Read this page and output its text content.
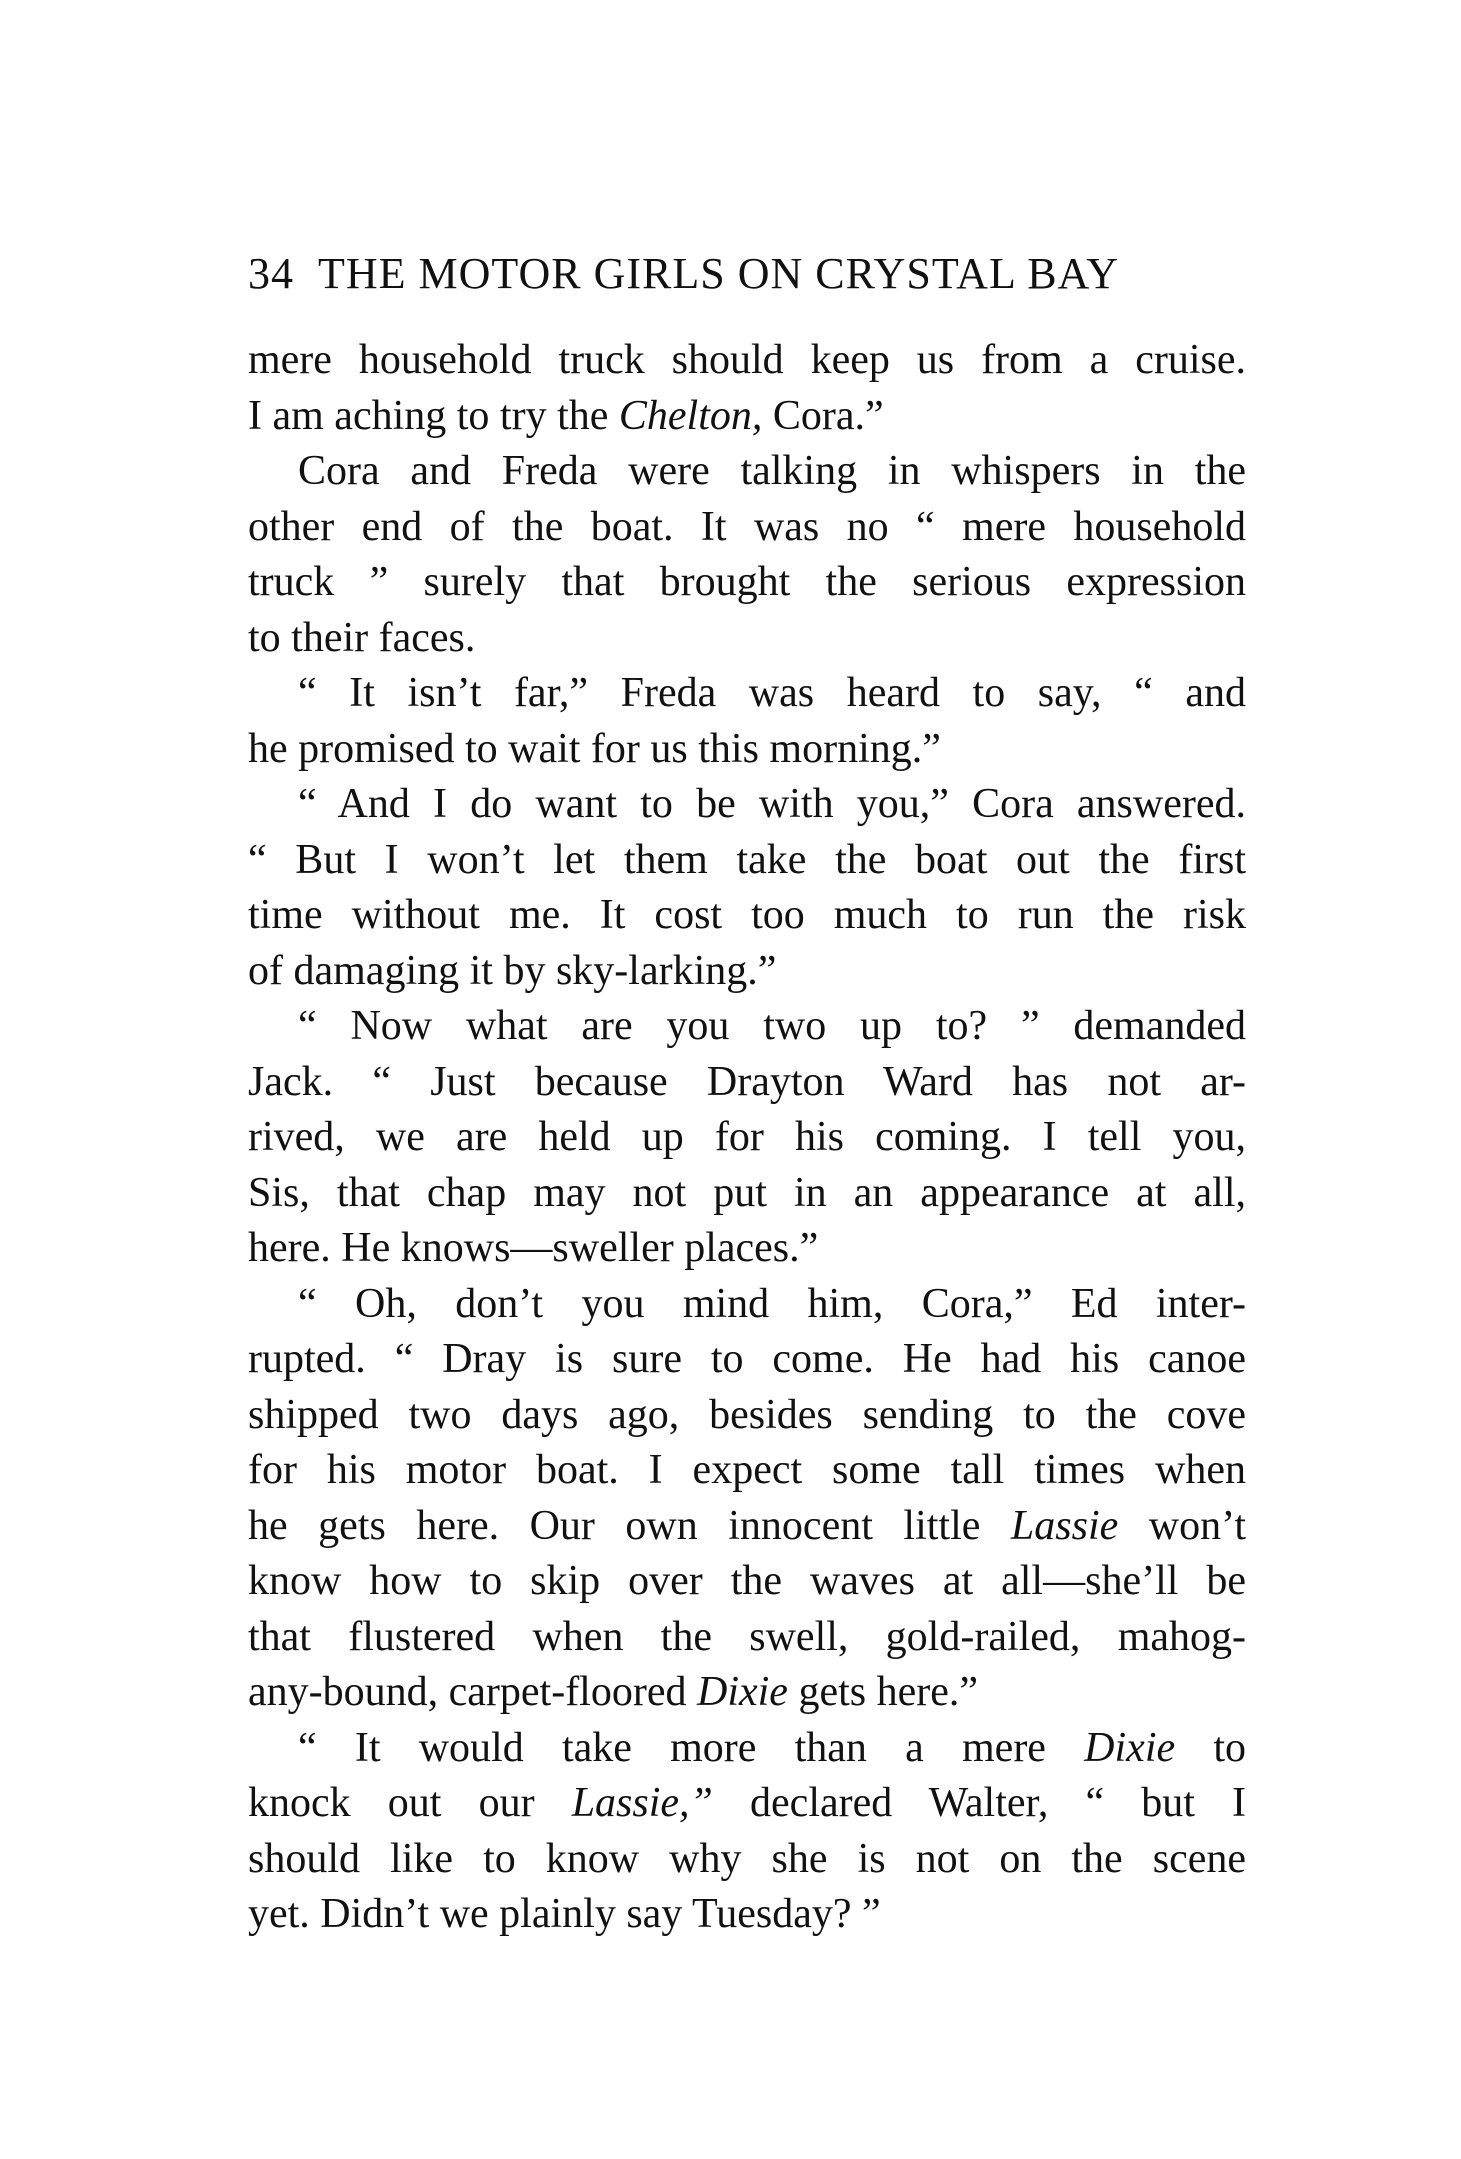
34 THE MOTOR GIRLS ON CRYSTAL BAY
mere household truck should keep us from a cruise.
I am aching to try the Chelton, Cora.”
Cora and Freda were talking in whispers in the
other end of the boat. It was no “ mere household
truck ” surely that brought the serious expression
to their faces.
“ It isn’t far,” Freda was heard to say, “ and
he promised to wait for us this morning.”
“ And I do want to be with you,” Cora answered.
“ But I won’t let them take the boat out the first
time without me. It cost too much to run the risk
of damaging it by sky-larking.”
“ Now what are you two up to? ” demanded
Jack. “ Just because Drayton Ward has not ar-
rived, we are held up for his coming. I tell you,
Sis, that chap may not put in an appearance at all,
here. He knows—sweller places.”
“ Oh, don’t you mind him, Cora,” Ed inter-
rupted. “ Dray is sure to come. He had his canoe
shipped two days ago, besides sending to the cove
for his motor boat. I expect some tall times when
he gets here. Our own innocent little Lassie won’t
know how to skip over the waves at all—she’ll be
that flustered when the swell, gold-railed, mahog-
any-bound, carpet-floored Dixie gets here.”
“ It would take more than a mere Dixie to
knock out our Lassie,” declared Walter, “ but I
should like to know why she is not on the scene
yet. Didn’t we plainly say Tuesday? ”
